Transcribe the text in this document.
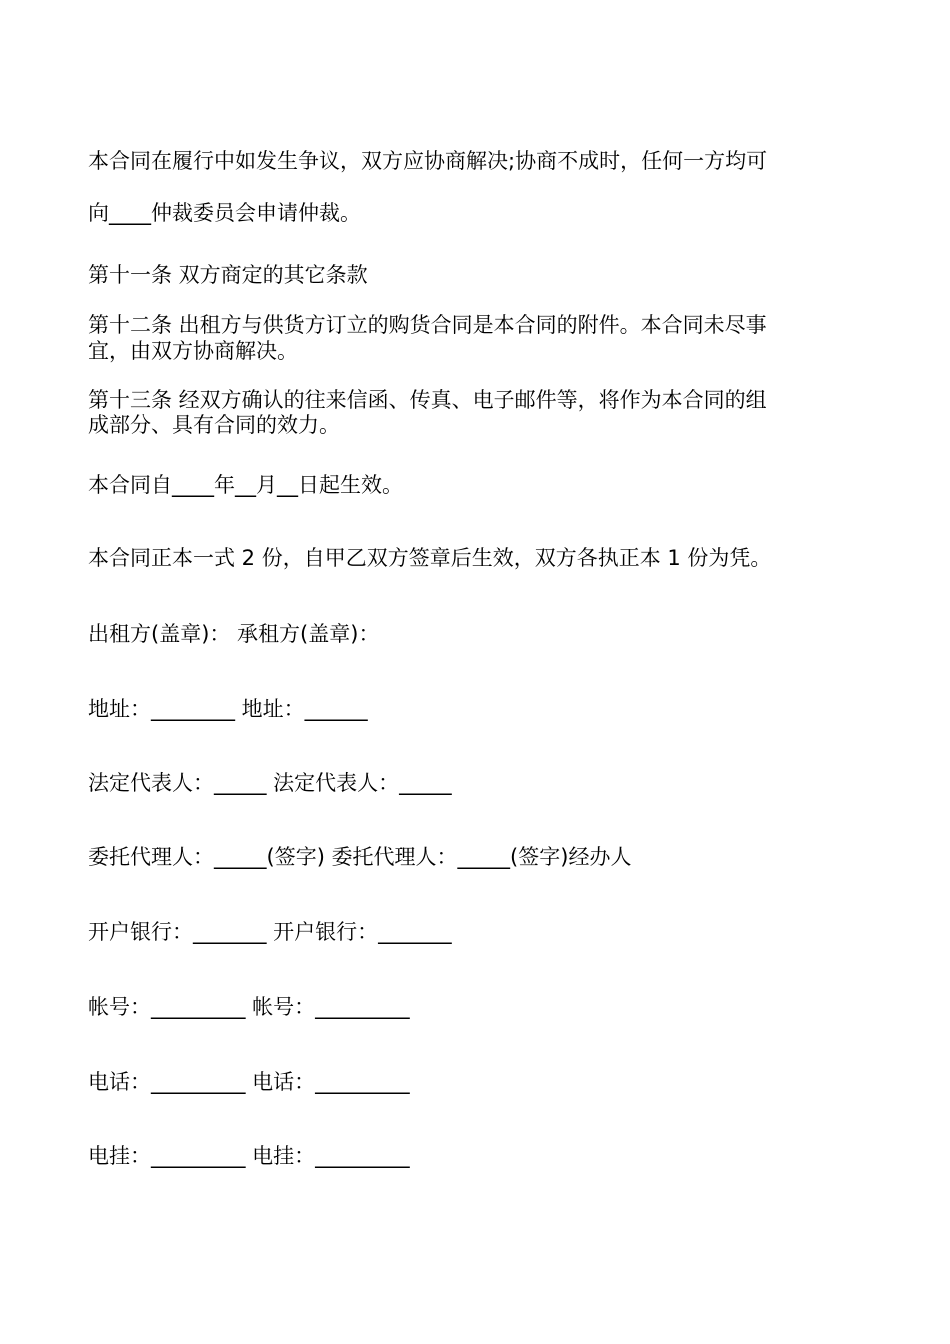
本合同在履行中如发生争议，双方应协商解决;协商不成时，任何一方均可
向____仲裁委员会申请仲裁。
第十一条 双方商定的其它条款
第十二条 出租方与供货方订立的购货合同是本合同的附件。本合同未尽事
宜，由双方协商解决。
第十三条 经双方确认的往来信函、传真、电子邮件等，将作为本合同的组
成部分、具有合同的效力。
本合同自____年__月__日起生效。
本合同正本一式 2 份，自甲乙双方签章后生效，双方各执正本 1 份为凭。
出租方(盖章)： 承租方(盖章)：
地址：________ 地址：______
法定代表人：_____ 法定代表人：_____
委托代理人：_____(签字) 委托代理人：_____(签字)经办人
开户银行：_______ 开户银行：_______
帐号：_________ 帐号：_________
电话：_________ 电话：_________
电挂：_________ 电挂：_________
